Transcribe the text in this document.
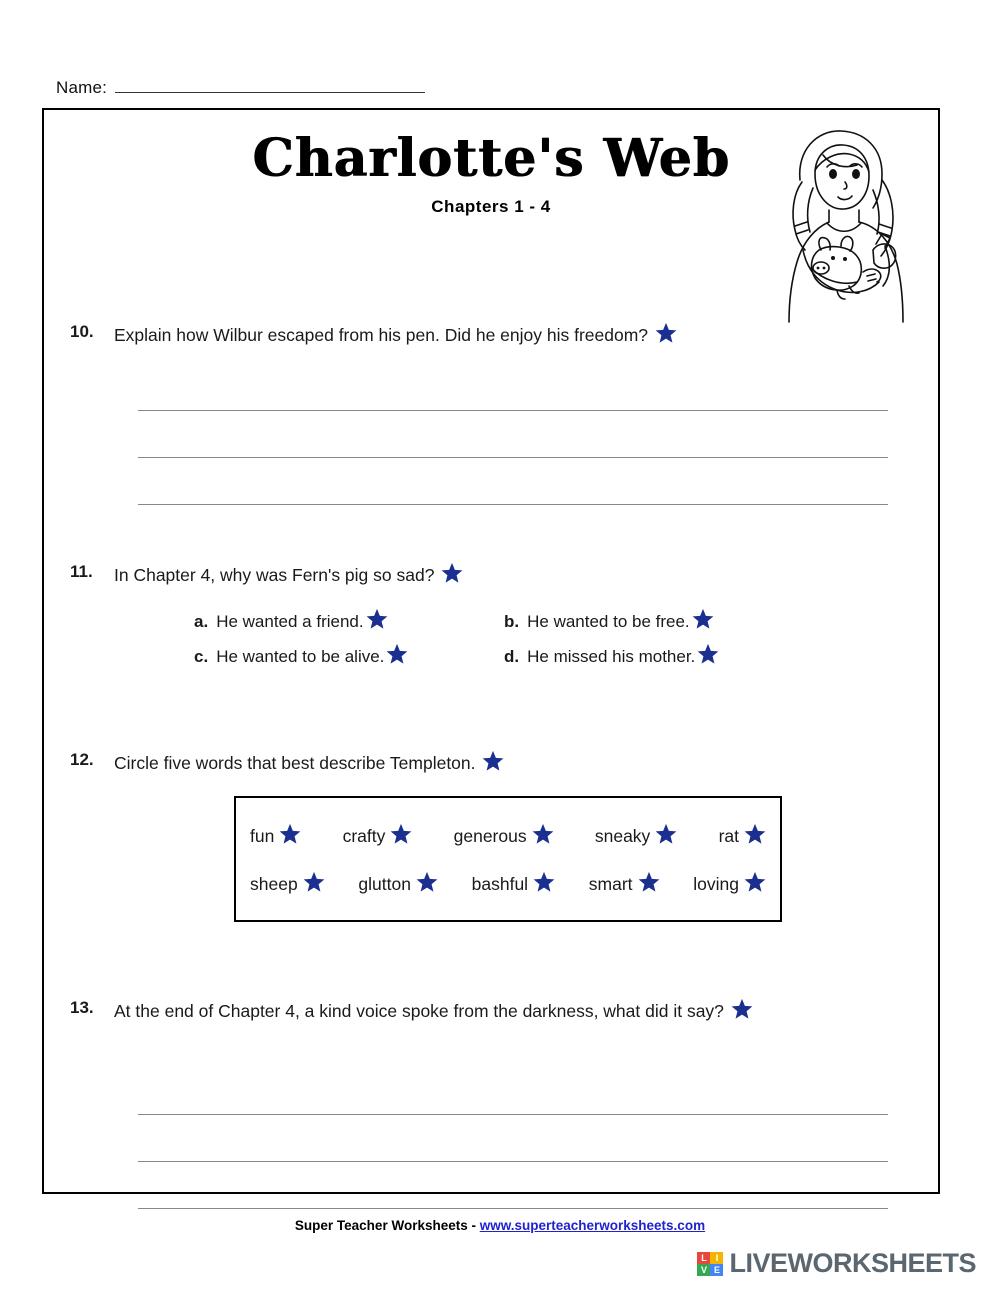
Name:
Charlotte's Web
Chapters 1 - 4
10.	Explain how Wilbur escaped from his pen. Did he enjoy his freedom?
11.	In Chapter 4, why was Fern's pig so sad?
a. He wanted a friend.	b. He wanted to be free.
c. He wanted to be alive.	d. He missed his mother.
12.	Circle five words that best describe Templeton.
fun	crafty	generous	sneaky	rat
sheep	glutton	bashful	smart	loving
13.	At the end of Chapter 4, a kind voice spoke from the darkness, what did it say?
Super Teacher Worksheets - www.superteacherworksheets.com
L I
V E LIVEWORKSHEETS
